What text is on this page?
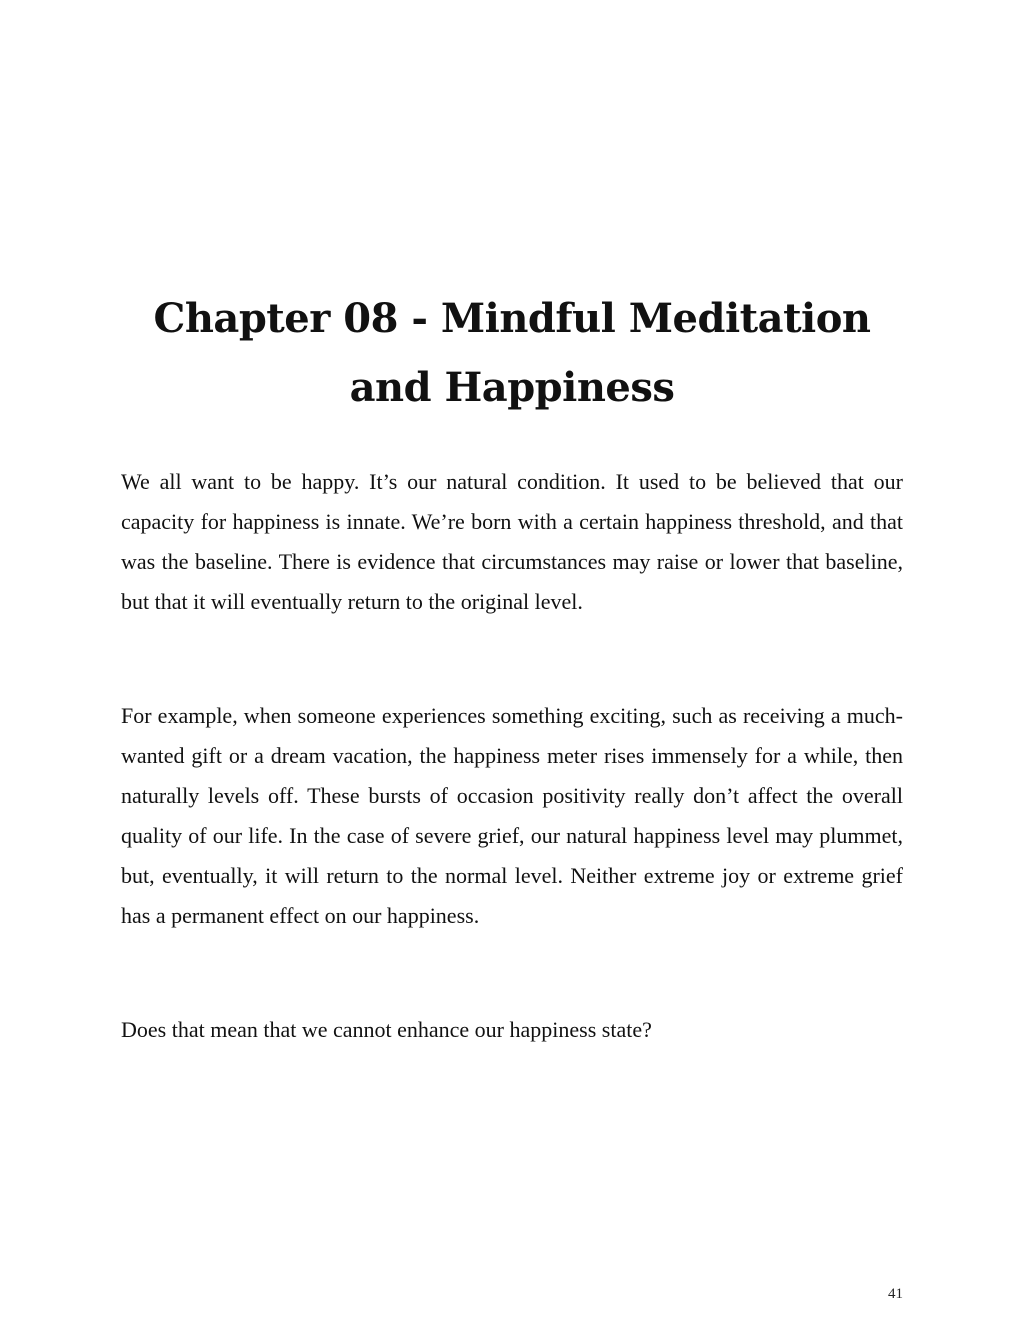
Chapter 08 - Mindful Meditation and Happiness

We all want to be happy. It’s our natural condition. It used to be believed that our capacity for happiness is innate. We’re born with a certain happiness threshold, and that was the baseline. There is evidence that circumstances may raise or lower that baseline, but that it will eventually return to the original level.

For example, when someone experiences something exciting, such as receiving a much-wanted gift or a dream vacation, the happiness meter rises immensely for a while, then naturally levels off. These bursts of occasion positivity really don’t affect the overall quality of our life. In the case of severe grief, our natural happiness level may plummet, but, eventually, it will return to the normal level. Neither extreme joy or extreme grief has a permanent effect on our happiness.

Does that mean that we cannot enhance our happiness state?

41
